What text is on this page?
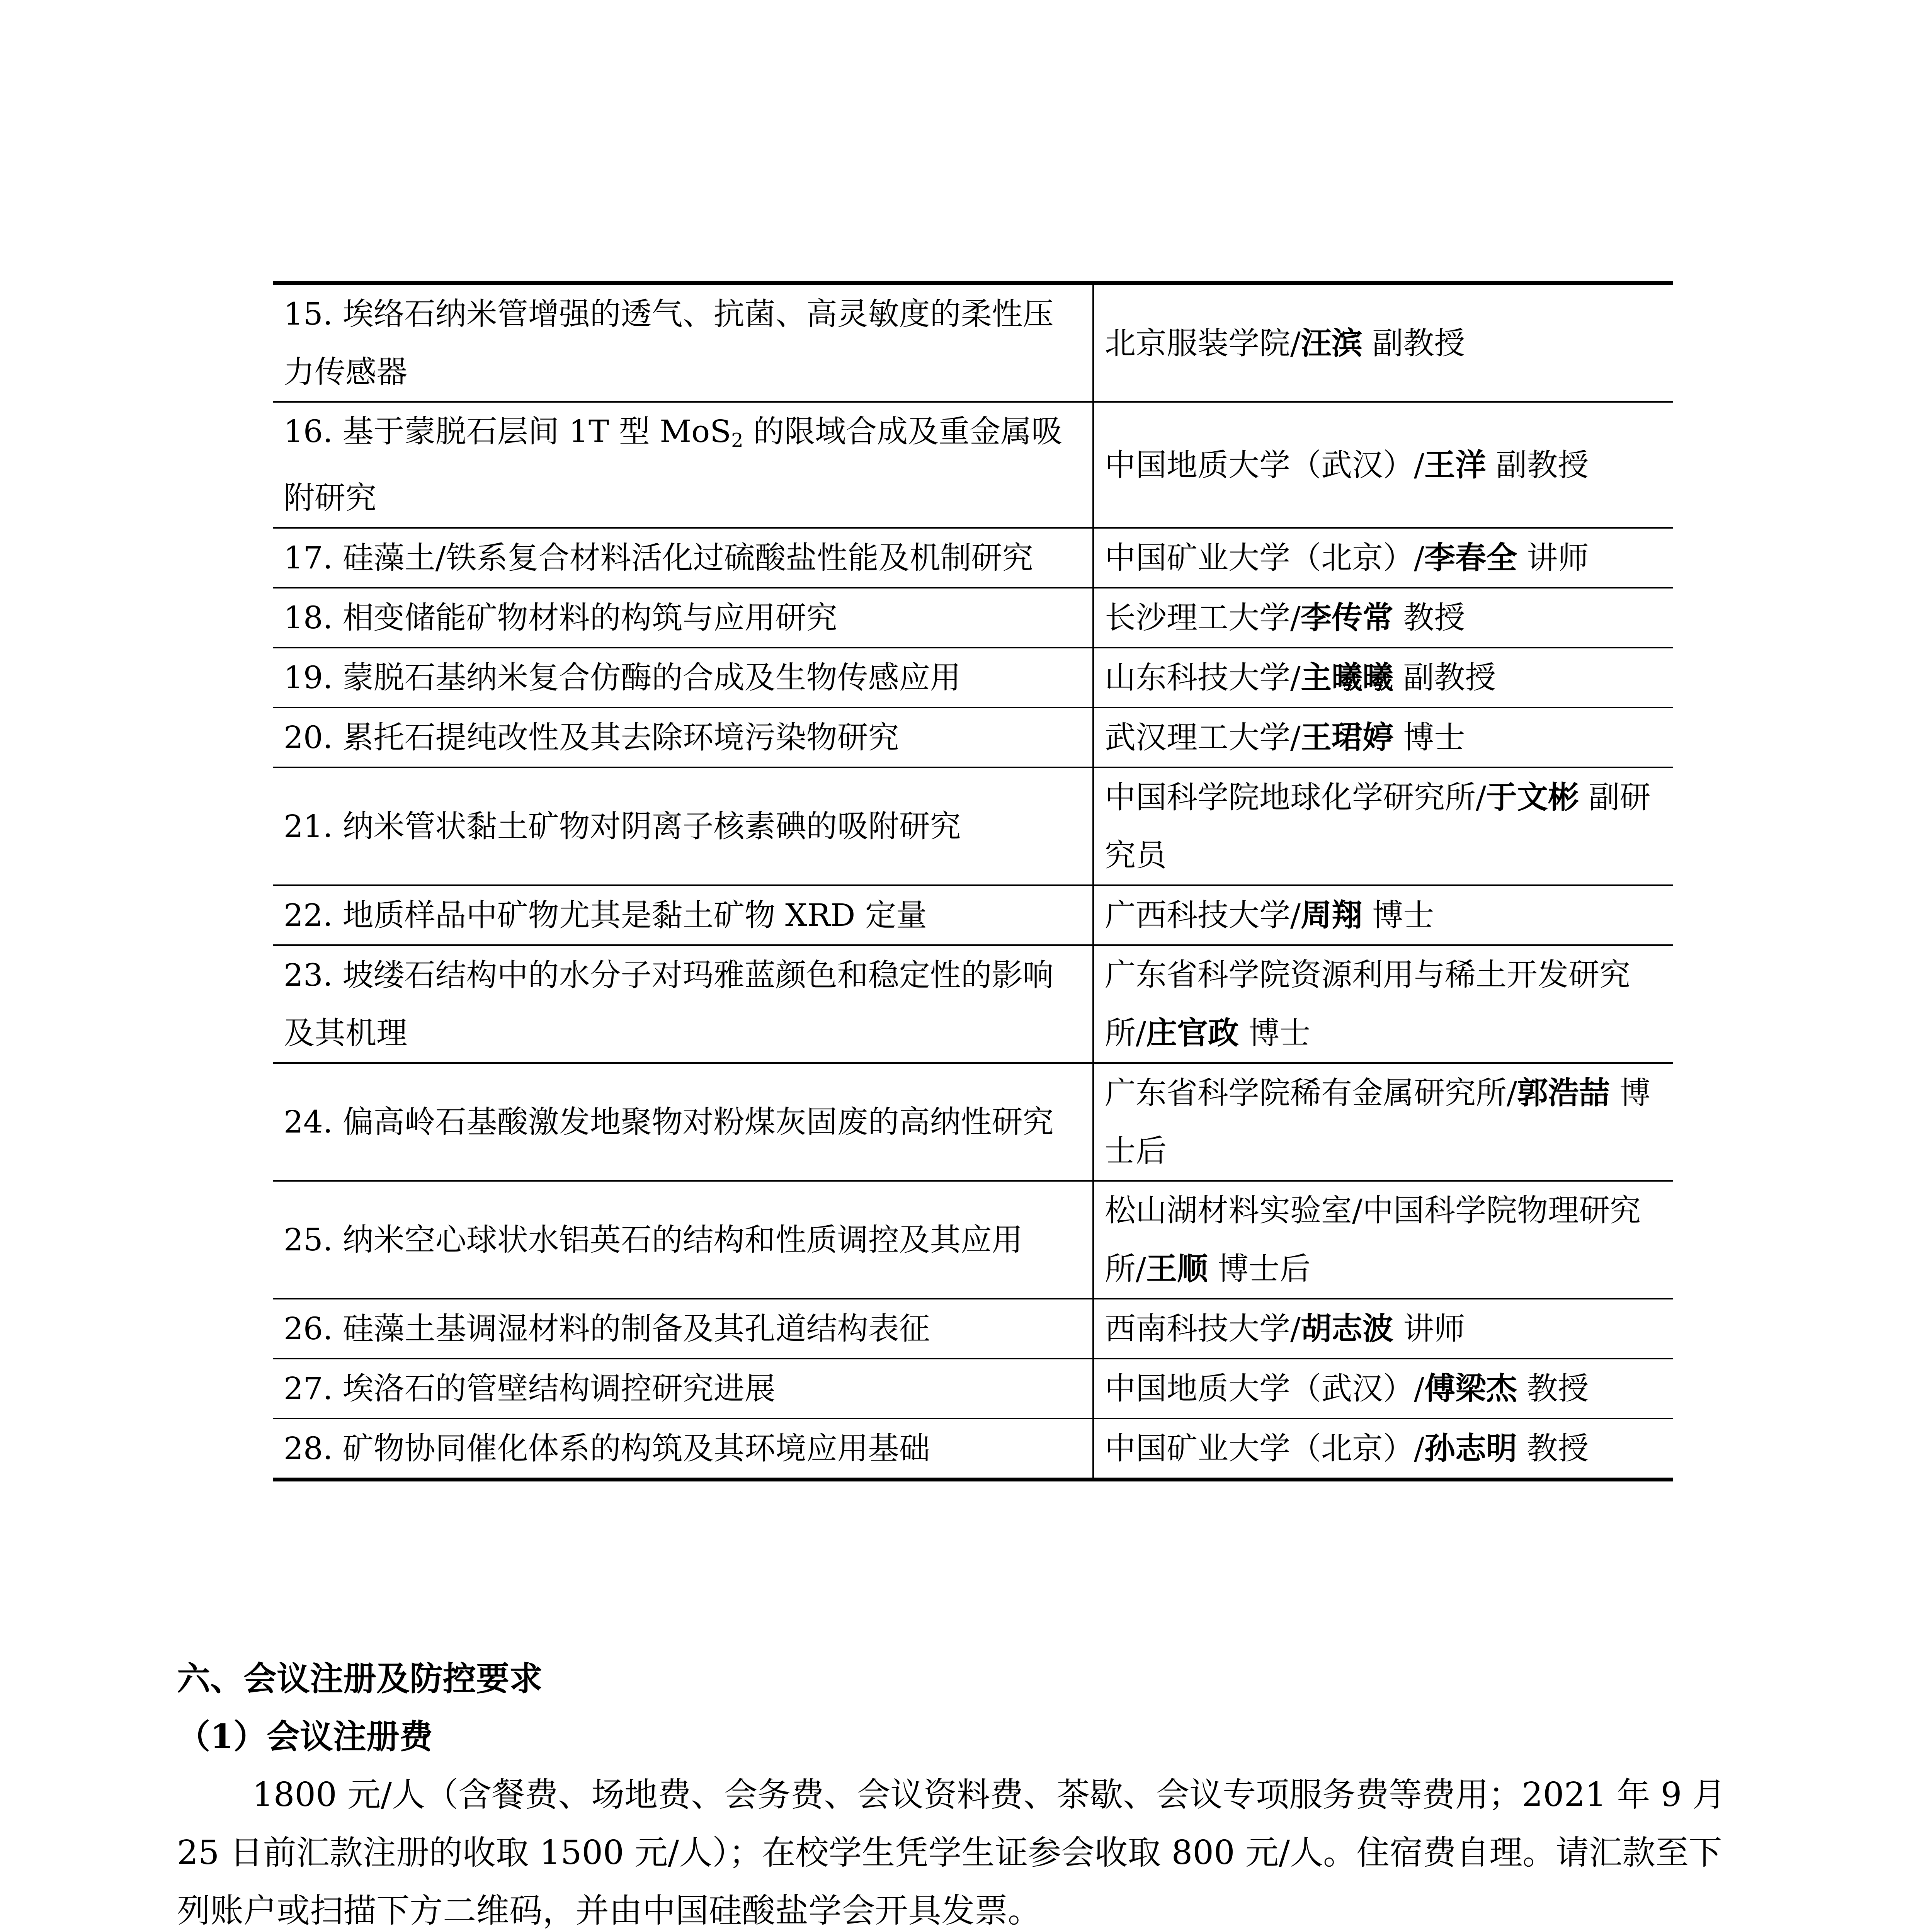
15. 埃络石纳米管增强的透气、抗菌、高灵敏度的柔性压力传感器	北京服装学院/汪滨 副教授
16. 基于蒙脱石层间 1T 型 MoS$_2$ 的限域合成及重金属吸附研究	中国地质大学（武汉）/王洋 副教授
17. 硅藻土/铁系复合材料活化过硫酸盐性能及机制研究	中国矿业大学（北京）/李春全 讲师
18. 相变储能矿物材料的构筑与应用研究	长沙理工大学/李传常 教授
19. 蒙脱石基纳米复合仿酶的合成及生物传感应用	山东科技大学/主曦曦 副教授
20. 累托石提纯改性及其去除环境污染物研究	武汉理工大学/王珺婷 博士
21. 纳米管状黏土矿物对阴离子核素碘的吸附研究	中国科学院地球化学研究所/于文彬 副研究员
22. 地质样品中矿物尤其是黏土矿物 XRD 定量	广西科技大学/周翔 博士
23. 坡缕石结构中的水分子对玛雅蓝颜色和稳定性的影响及其机理	广东省科学院资源利用与稀土开发研究所/庄官政 博士
24. 偏高岭石基酸激发地聚物对粉煤灰固废的高纳性研究	广东省科学院稀有金属研究所/郭浩喆 博士后
25. 纳米空心球状水铝英石的结构和性质调控及其应用	松山湖材料实验室/中国科学院物理研究所/王顺 博士后
26. 硅藻土基调湿材料的制备及其孔道结构表征	西南科技大学/胡志波 讲师
27. 埃洛石的管壁结构调控研究进展	中国地质大学（武汉）/傅梁杰 教授
28. 矿物协同催化体系的构筑及其环境应用基础	中国矿业大学（北京）/孙志明 教授
六、会议注册及防控要求
（1）会议注册费
1800 元/人（含餐费、场地费、会务费、会议资料费、茶歇、会议专项服务费等费用；2021 年 9 月 25 日前汇款注册的收取 1500 元/人）；在校学生凭学生证参会收取 800 元/人。住宿费自理。请汇款至下列账户或扫描下方二维码，并由中国硅酸盐学会开具发票。
